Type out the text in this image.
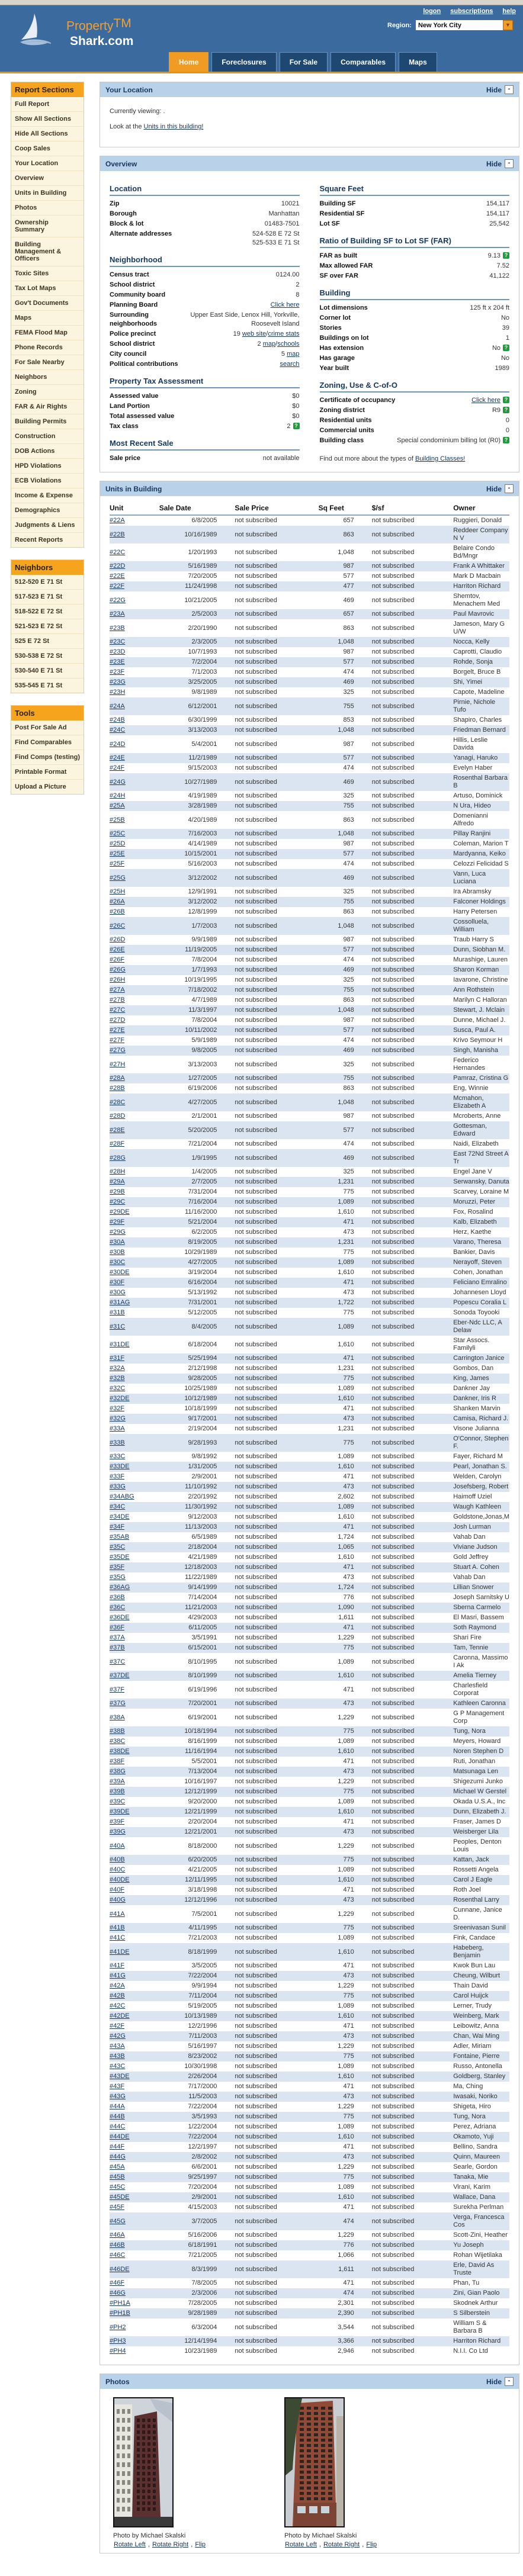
logon subscriptions help
Property™
Shark.com
Region: New York City	▼
Home	Foreclosures	For Sale	Comparables	Maps
Report Sections
Full Report
Show All Sections
Hide All Sections
Coop Sales
Your Location
Overview
Units in Building
Photos
Ownership Summary
Building Management & Officers
Toxic Sites
Tax Lot Maps
Gov't Documents
Maps
FEMA Flood Map
Phone Records
For Sale Nearby
Neighbors
Zoning
FAR & Air Rights
Building Permits
Construction
DOB Actions
HPD Violations
ECB Violations
Income & Expense
Demographics
Judgments & Liens
Recent Reports
Neighbors
512-520 E 71 St
517-523 E 71 St
518-522 E 72 St
521-523 E 72 St
525 E 72 St
530-538 E 72 St
530-540 E 71 St
535-545 E 71 St
Tools
Post For Sale Ad
Find Comparables
Find Comps (testing)
Printable Format
Upload a Picture
Your Location	Hide -

Currently viewing: .

Look at the Units in this building!

Overview	Hide -
Location
Zip	10021
Borough	Manhattan
Block & lot	01483-7501
Alternate addresses	524-528 E 72 St
525-533 E 71 St
Neighborhood
Census tract	0124.00
School district	2
Community board	8
Planning Board	Click here
Surrounding neighborhoods
Upper East Side, Lenox Hill, Yorkville, Roosevelt Island
Police precinct	19 web site/crime stats
School district	2 map/schools
City council	5 map
Political contributions	search
Property Tax Assessment
Assessed value	$0
Land Portion	$0
Total assessed value	$0
Tax class	2 ?
Most Recent Sale
Sale price	not available
Square Feet
Building SF	154,117
Residential SF	154,117
Lot SF	25,542
Ratio of Building SF to Lot SF (FAR)
FAR as built	9.13 ?
Max allowed FAR	7.52
SF over FAR	41,122
Building
Lot dimensions	125 ft x 204 ft
Corner lot	No
Stories	39
Buildings on lot	1
Has extension	No ?
Has garage	No
Year built	1989
Zoning, Use & C-of-O
Certificate of occupancy	Click here ?
Zoning district	R9 ?
Residential units	0
Commercial units	0
Building class	Special condominium billing lot (R0) ?
Find out more about the types of Building Classes!
Units in Building	Hide -
Unit	Sale Date	Sale Price	Sq Feet	$/sf	Owner
#22A	6/8/2005	not subscribed	657	not subscribed	Ruggieri, Donald
#22B	10/16/1989	not subscribed	863	not subscribed	Reddeer Company N V
#22C	1/20/1993	not subscribed	1,048	not subscribed	Belaire Condo Bd/Mngr
#22D	5/16/1989	not subscribed	987	not subscribed	Frank A Whittaker
#22E	7/20/2005	not subscribed	577	not subscribed	Mark D Macbain
#22F	11/24/1998	not subscribed	477	not subscribed	Harriton Richard
#22G	10/21/2005	not subscribed	469	not subscribed	Shemtov, Menachem Med
#23A	2/5/2003	not subscribed	657	not subscribed	Paul Mavrovic
#23B	2/20/1990	not subscribed	863	not subscribed	Jameson, Mary G U/W
#23C	2/3/2005	not subscribed	1,048	not subscribed	Nocca, Kelly
#23D	10/7/1993	not subscribed	987	not subscribed	Caprotti, Claudio
#23E	7/2/2004	not subscribed	577	not subscribed	Rohde, Sonja
#23F	7/1/2003	not subscribed	474	not subscribed	Borgelt, Bruce B
#23G	3/25/2005	not subscribed	469	not subscribed	Shi, Yimei
#23H	9/8/1989	not subscribed	325	not subscribed	Capote, Madeline
#24A	6/12/2001	not subscribed	755	not subscribed	Pirnie, Nichole Tufo
#24B	6/30/1999	not subscribed	853	not subscribed	Shapiro, Charles
#24C	3/13/2003	not subscribed	1,048	not subscribed	Friedman Bernard
#24D	5/4/2001	not subscribed	987	not subscribed	Hillis, Leslie Davida
#24E	11/2/1989	not subscribed	577	not subscribed	Yanagi, Haruko
#24F	9/15/2003	not subscribed	474	not subscribed	Evelyn Haber
#24G	10/27/1989	not subscribed	469	not subscribed	Rosenthal Barbara B
#24H	4/19/1989	not subscribed	325	not subscribed	Artuso, Dominick
#25A	3/28/1989	not subscribed	755	not subscribed	N Ura, Hideo
#25B	4/20/1989	not subscribed	863	not subscribed	Domenianni Alfredo
#25C	7/16/2003	not subscribed	1,048	not subscribed	Pillay Ranjini
#25D	4/14/1989	not subscribed	987	not subscribed	Coleman, Marion T
#25E	10/15/2001	not subscribed	577	not subscribed	Mardyanna, Keiko
#25F	5/16/2003	not subscribed	474	not subscribed	Celozzi Felicidad S
#25G	3/12/2002	not subscribed	469	not subscribed	Vann, Luca Luciana
#25H	12/9/1991	not subscribed	325	not subscribed	Ira Abramsky
#26A	3/12/2002	not subscribed	755	not subscribed	Falconer Holdings
#26B	12/8/1999	not subscribed	863	not subscribed	Harry Petersen
#26C	1/7/2003	not subscribed	1,048	not subscribed	Cossolluela, William
#26D	9/9/1989	not subscribed	987	not subscribed	Traub Harry S
#26E	11/19/2005	not subscribed	577	not subscribed	Dunn, Siobhan M.
#26F	7/8/2004	not subscribed	474	not subscribed	Murashige, Lauren
#26G	1/7/1993	not subscribed	469	not subscribed	Sharon Korman
#26H	10/19/1995	not subscribed	325	not subscribed	Iavarone, Christine
#27A	7/18/2002	not subscribed	755	not subscribed	Ann Rothstein
#27B	4/7/1989	not subscribed	863	not subscribed	Marilyn C Halloran
#27C	11/3/1997	not subscribed	1,048	not subscribed	Stewart, J. Mclain
#27D	7/8/2004	not subscribed	987	not subscribed	Dunne, Michael J.
#27E	10/11/2002	not subscribed	577	not subscribed	Susca, Paul A.
#27F	5/9/1989	not subscribed	474	not subscribed	Krivo Seymour H
#27G	9/8/2005	not subscribed	469	not subscribed	Singh, Manisha
#27H	3/13/2003	not subscribed	325	not subscribed	Federico Hernandes
#28A	1/27/2005	not subscribed	755	not subscribed	Pamraz, Cristina G
#28B	6/19/2006	not subscribed	863	not subscribed	Eng, Winnie
#28C	4/27/2005	not subscribed	1,048	not subscribed	Mcmahon, Elizabeth A
#28D	2/1/2001	not subscribed	987	not subscribed	Mcroberts, Anne
#28E	5/20/2005	not subscribed	577	not subscribed	Gottesman, Edward
#28F	7/21/2004	not subscribed	474	not subscribed	Naidi, Elizabeth
#28G	1/9/1995	not subscribed	469	not subscribed	East 72Nd Street A Tr
#28H	1/4/2005	not subscribed	325	not subscribed	Engel Jane V
#29A	2/7/2005	not subscribed	1,231	not subscribed	Serwansky, Danuta
#29B	7/31/2004	not subscribed	775	not subscribed	Scarvey, Loraine M
#29C	7/16/2004	not subscribed	1,089	not subscribed	Moruzzi, Peter
#29DE	11/16/2000	not subscribed	1,610	not subscribed	Fox, Rosalind
#29F	5/21/2004	not subscribed	471	not subscribed	Kalb, Elizabeth
#29G	6/2/2005	not subscribed	473	not subscribed	Herz, Kaethe
#30A	8/19/2005	not subscribed	1,231	not subscribed	Varano, Theresa
#30B	10/29/1989	not subscribed	775	not subscribed	Bankier, Davis
#30C	4/27/2005	not subscribed	1,089	not subscribed	Nerayoff, Steven
#30DE	3/19/2004	not subscribed	1,610	not subscribed	Cohen, Jonathan
#30F	6/16/2004	not subscribed	471	not subscribed	Feliciano Emralino
#30G	5/13/1992	not subscribed	473	not subscribed	Johannesen Lloyd
#31AG	7/31/2001	not subscribed	1,722	not subscribed	Popescu Coralia L
#31B	5/12/2005	not subscribed	775	not subscribed	Sonoda Toyooki
#31C	8/4/2005	not subscribed	1,089	not subscribed	Eber-Ndc LLC, A Delaw
#31DE	6/18/2004	not subscribed	1,610	not subscribed	Star Assocs. Familyli
#31F	5/25/1994	not subscribed	471	not subscribed	Carrington Janice
#32A	2/12/1998	not subscribed	1,231	not subscribed	Gombos, Dan
#32B	9/28/2005	not subscribed	775	not subscribed	King, James
#32C	10/25/1989	not subscribed	1,089	not subscribed	Dankner Jay
#32DE	10/12/1989	not subscribed	1,610	not subscribed	Dankner, Iris R
#32F	10/18/1999	not subscribed	471	not subscribed	Shanken Marvin
#32G	9/17/2001	not subscribed	473	not subscribed	Camisa, Richard J.
#33A	2/19/2004	not subscribed	1,231	not subscribed	Visone Julianna
#33B	9/28/1993	not subscribed	775	not subscribed	O'Connor, Stephen F.
#33C	9/8/1992	not subscribed	1,089	not subscribed	Fayer, Richard M
#33DE	1/31/2005	not subscribed	1,610	not subscribed	Pearl, Jonathan S.
#33F	2/9/2001	not subscribed	471	not subscribed	Welden, Carolyn
#33G	11/10/1992	not subscribed	473	not subscribed	Josefsberg, Robert
#34ABG	2/20/1992	not subscribed	2,602	not subscribed	Haimoff Uziel
#34C	11/30/1992	not subscribed	1,089	not subscribed	Waugh Kathleen
#34DE	9/12/2003	not subscribed	1,610	not subscribed	Goldstone,Jonas,M
#34F	11/13/2003	not subscribed	471	not subscribed	Josh Lurman
#35AB	6/5/1989	not subscribed	1,724	not subscribed	Vahab Dan
#35C	2/18/2004	not subscribed	1,065	not subscribed	Viviane Judson
#35DE	4/21/1989	not subscribed	1,610	not subscribed	Gold Jeffrey
#35F	12/18/2003	not subscribed	471	not subscribed	Stuart A. Cohen
#35G	11/22/1989	not subscribed	473	not subscribed	Vahab Dan
#36AG	9/14/1999	not subscribed	1,724	not subscribed	Lillian Snower
#36B	7/14/2004	not subscribed	776	not subscribed	Joseph Sarnitsky U
#36C	11/21/2003	not subscribed	1,090	not subscribed	Sberna Carmelo
#36DE	4/29/2003	not subscribed	1,611	not subscribed	El Masri, Bassem
#36F	6/11/2005	not subscribed	471	not subscribed	Soth Raymond
#37A	3/5/1991	not subscribed	1,229	not subscribed	Shari Fire
#37B	6/15/2001	not subscribed	775	not subscribed	Tam, Tennie
#37C	8/10/1995	not subscribed	1,089	not subscribed	Caronna, Massimo I Ak
#37DE	8/10/1999	not subscribed	1,610	not subscribed	Amelia Tierney
#37F	6/19/1996	not subscribed	471	not subscribed	Charlesfield Corporat
#37G	7/20/2001	not subscribed	473	not subscribed	Kathleen Caronna
#38A	6/19/2001	not subscribed	1,229	not subscribed	G P Management Corp
#38B	10/18/1994	not subscribed	775	not subscribed	Tung, Nora
#38C	8/16/1999	not subscribed	1,089	not subscribed	Meyers, Howard
#38DE	11/16/1994	not subscribed	1,610	not subscribed	Noren Stephen D
#38F	5/5/2001	not subscribed	471	not subscribed	Ruti, Jonathan
#38G	7/13/2004	not subscribed	473	not subscribed	Matsunaga Len
#39A	10/16/1997	not subscribed	1,229	not subscribed	Shigezumi Junko
#39B	12/12/1999	not subscribed	775	not subscribed	Michael W Gerstel
#39C	9/20/2000	not subscribed	1,089	not subscribed	Okada U.S.A., Inc
#39DE	12/21/1999	not subscribed	1,610	not subscribed	Dunn, Elizabeth J.
#39F	2/20/2004	not subscribed	471	not subscribed	Fraser, James D
#39G	12/21/2001	not subscribed	473	not subscribed	Weisberger Lila
#40A	8/18/2000	not subscribed	1,229	not subscribed	Peoples, Denton Louis
#40B	6/20/2005	not subscribed	775	not subscribed	Kattan, Jack
#40C	4/21/2005	not subscribed	1,089	not subscribed	Rossetti Angela
#40DE	12/11/1995	not subscribed	1,610	not subscribed	Carol J Eagle
#40F	3/18/1998	not subscribed	471	not subscribed	Roth Joel
#40G	12/12/1996	not subscribed	473	not subscribed	Rosenthal Larry
#41A	7/5/2001	not subscribed	1,229	not subscribed	Cunnane, Janice D.
#41B	4/11/1995	not subscribed	775	not subscribed	Sreenivasan Sunil
#41C	7/21/2003	not subscribed	1,089	not subscribed	Fink, Candace
#41DE	8/18/1999	not subscribed	1,610	not subscribed	Habeberg, Benjamin
#41F	3/5/2005	not subscribed	471	not subscribed	Kwok Bun Lau
#41G	7/22/2004	not subscribed	473	not subscribed	Cheung, Wilburt
#42A	9/9/1994	not subscribed	1,229	not subscribed	Thain David
#42B	7/11/2004	not subscribed	775	not subscribed	Carol Huijck
#42C	5/19/2005	not subscribed	1,089	not subscribed	Lerner, Trudy
#42DE	10/13/1989	not subscribed	1,610	not subscribed	Weinberg, Mark
#42F	12/2/1996	not subscribed	471	not subscribed	Leibowitz, Anna
#42G	7/11/2003	not subscribed	473	not subscribed	Chan, Wai Ming
#43A	5/16/1997	not subscribed	1,229	not subscribed	Adler, Miriam
#43B	8/23/2002	not subscribed	775	not subscribed	Fontaine, Pierre
#43C	10/30/1998	not subscribed	1,089	not subscribed	Russo, Antonella
#43DE	2/26/2004	not subscribed	1,610	not subscribed	Goldberg, Stanley
#43F	7/17/2000	not subscribed	471	not subscribed	Ma, Ching
#43G	11/5/2003	not subscribed	473	not subscribed	Iwasaki, Noriko
#44A	7/22/2004	not subscribed	1,229	not subscribed	Shigeta, Hiro
#44B	3/5/1993	not subscribed	775	not subscribed	Tung, Nora
#44C	1/22/2004	not subscribed	1,089	not subscribed	Perez, Adriana
#44DE	7/22/2004	not subscribed	1,610	not subscribed	Okamoto, Yuji
#44F	12/2/1997	not subscribed	471	not subscribed	Bellino, Sandra
#44G	2/8/2002	not subscribed	473	not subscribed	Quinn, Maureen
#45A	6/6/2001	not subscribed	1,229	not subscribed	Searle, Gordon
#45B	9/25/1997	not subscribed	775	not subscribed	Tanaka, Mie
#45C	7/20/2004	not subscribed	1,089	not subscribed	Virani, Karim
#45DE	2/9/2001	not subscribed	1,610	not subscribed	Wallace, Dana
#45F	4/15/2003	not subscribed	471	not subscribed	Surekha Perlman
#45G	3/7/2005	not subscribed	474	not subscribed	Verga, Francesca Cos
#46A	5/16/2006	not subscribed	1,229	not subscribed	Scott-Zini, Heather
#46B	6/18/1991	not subscribed	776	not subscribed	Yu Joseph
#46C	7/21/2005	not subscribed	1,066	not subscribed	Rohan Wijetilaka
#46DE	8/3/1999	not subscribed	1,611	not subscribed	Erle, David As Truste
#46F	7/8/2005	not subscribed	471	not subscribed	Phan, Tu
#46G	2/3/2006	not subscribed	474	not subscribed	Zini, Gian Paolo
#PH1A	7/28/2005	not subscribed	2,301	not subscribed	Skodnek Arthur
#PH1B	9/28/1989	not subscribed	2,390	not subscribed	S Silberstein
#PH2	6/3/2004	not subscribed	3,544	not subscribed	William S & Barbara B
#PH3	12/14/1994	not subscribed	3,366	not subscribed	Harriton Richard
#PH4	10/23/1989	not subscribed	2,946	not subscribed	N.I.I. Co Ltd
Photos	Hide -
Photo by Michael Skalski
Rotate Left , Rotate Right , Flip
Photo by Michael Skalski
Rotate Left , Rotate Right , Flip
